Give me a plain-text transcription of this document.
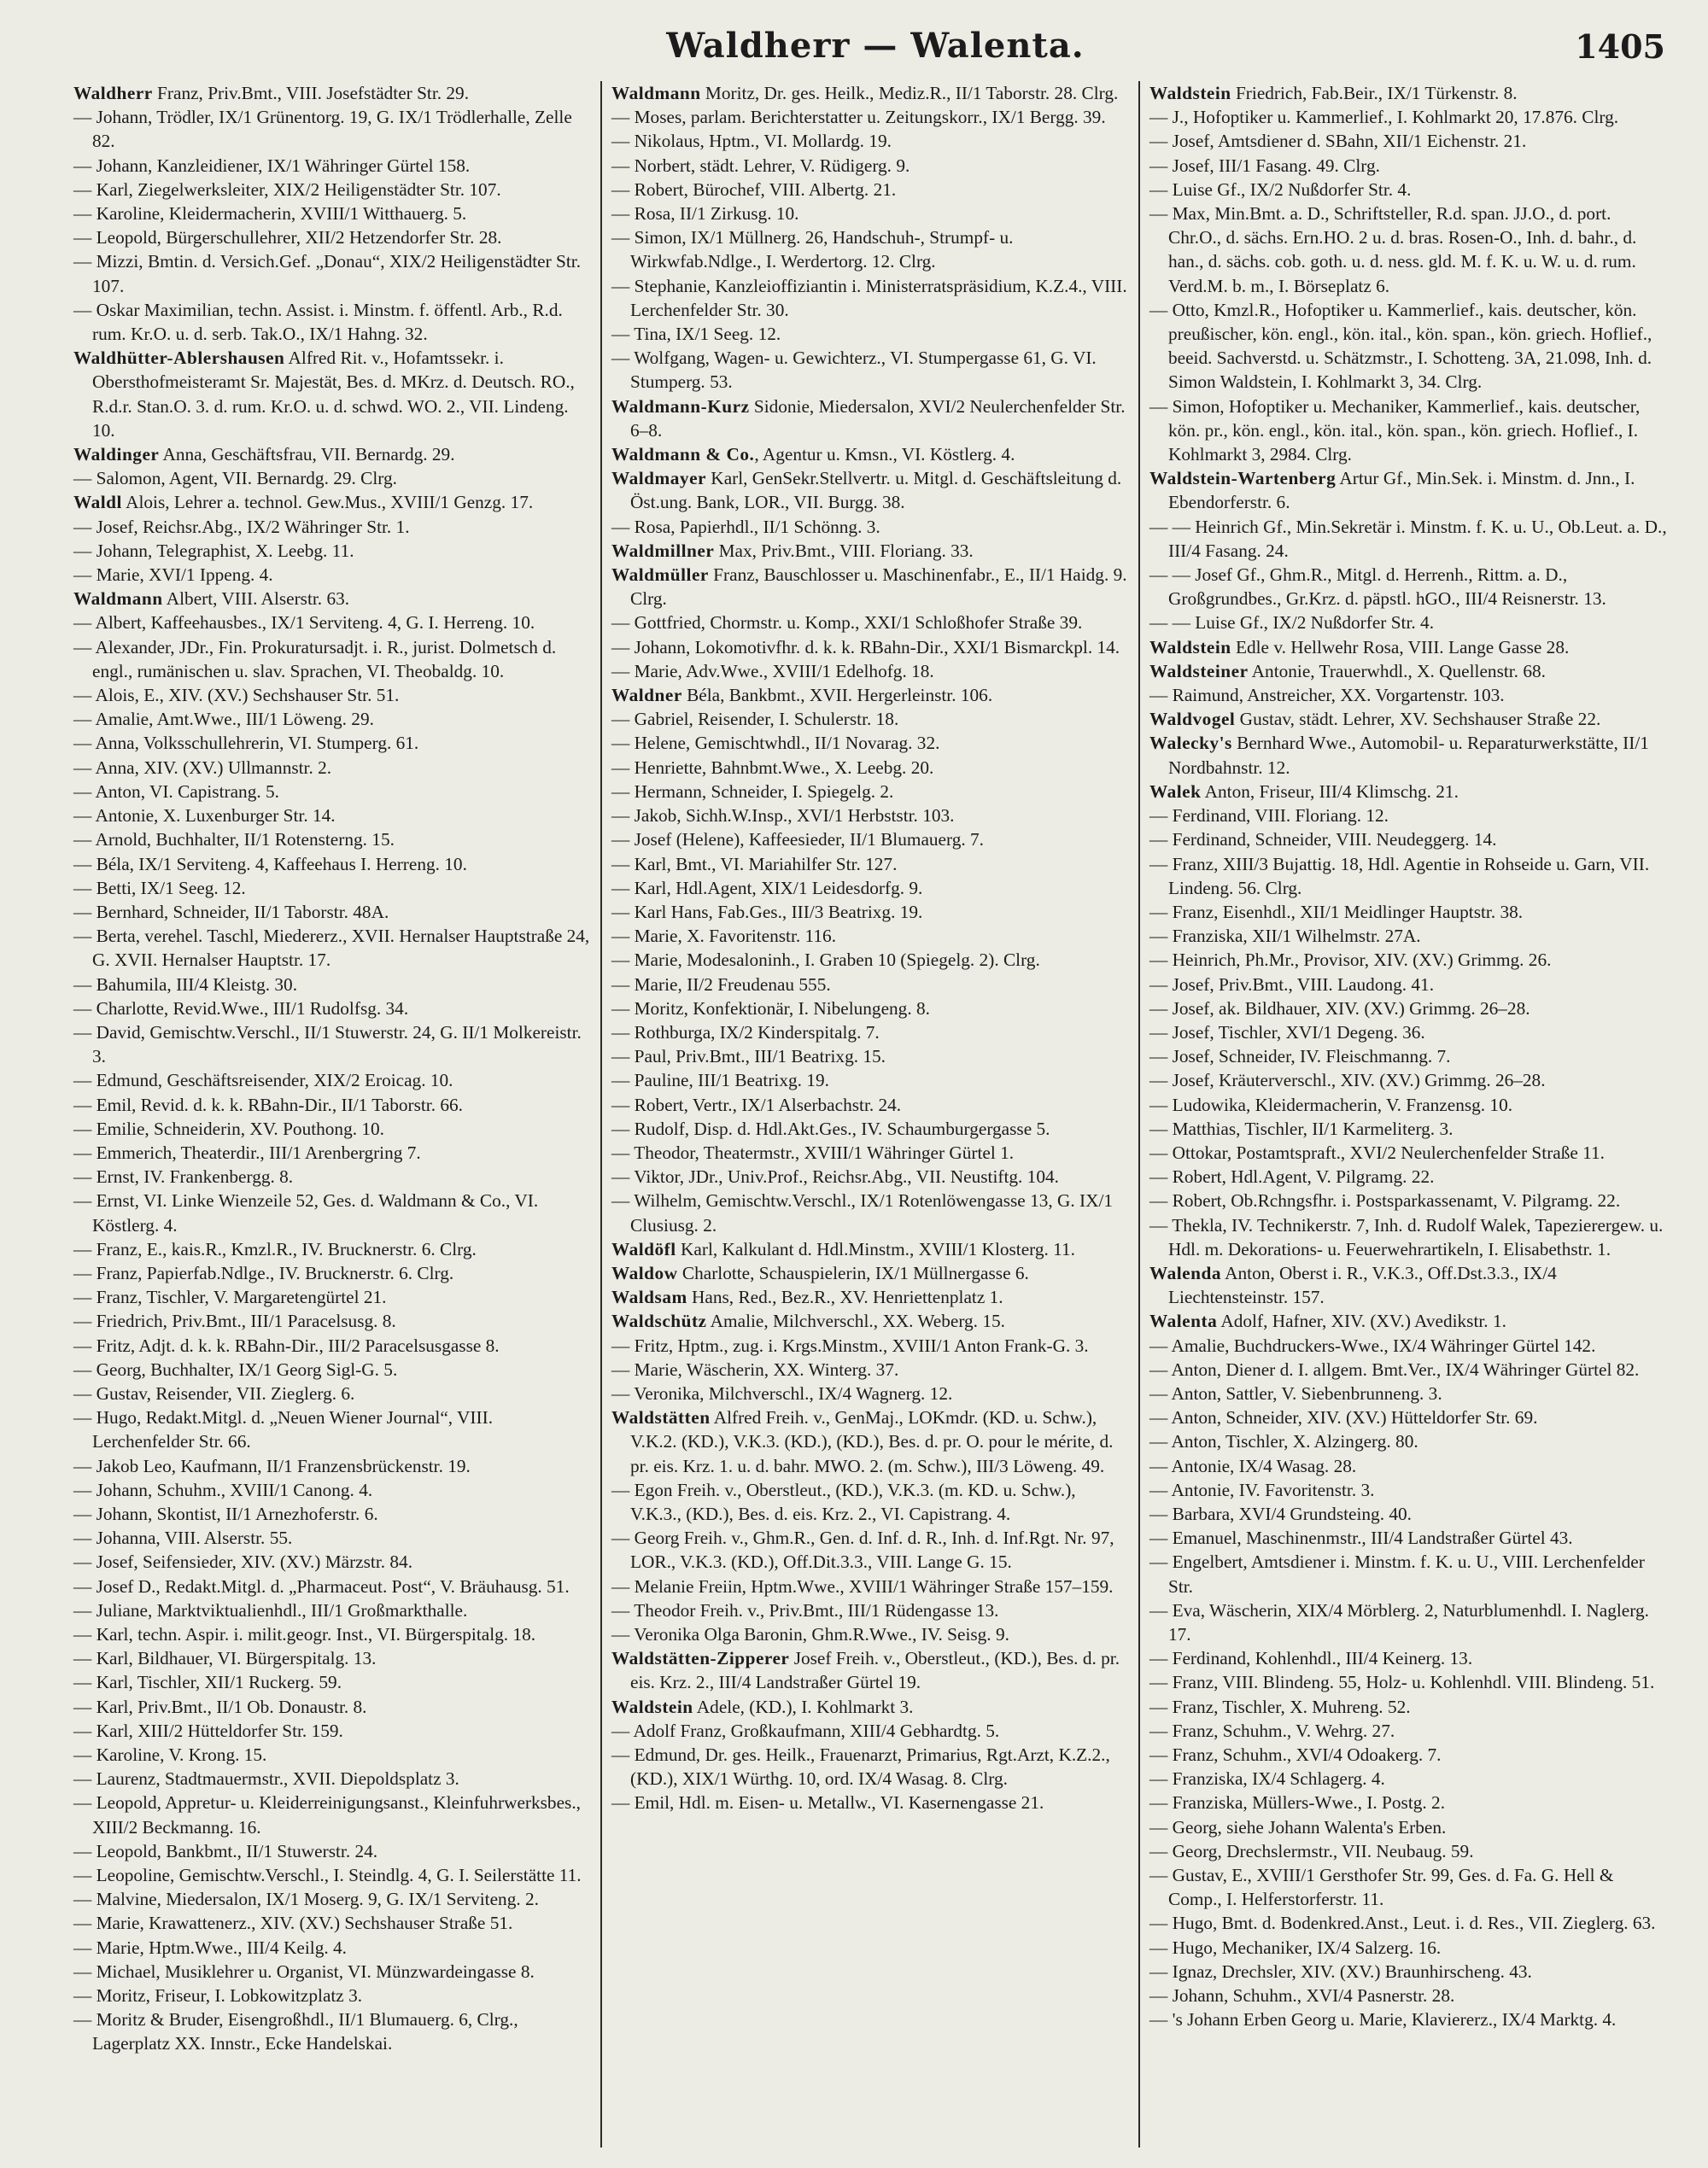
Waldherr — Walenta.	1405

Waldherr Franz, Priv.Bmt., VIII. Josefstädter Str. 29.

— Johann, Trödler, IX/1 Grünentorg. 19, G. IX/1 Trödlerhalle, Zelle 82.

— Johann, Kanzleidiener, IX/1 Währinger Gürtel 158.

— Karl, Ziegelwerksleiter, XIX/2 Heiligenstädter Str. 107.

— Karoline, Kleidermacherin, XVIII/1 Witthauerg. 5.

— Leopold, Bürgerschullehrer, XII/2 Hetzendorfer Str. 28.

— Mizzi, Bmtin. d. Versich.Gef. „Donau“, XIX/2 Heiligenstädter Str. 107.

— Oskar Maximilian, techn. Assist. i. Minstm. f. öffentl. Arb., R.d. rum. Kr.O. u. d. serb. Tak.O., IX/1 Hahng. 32.

Waldhütter-Ablershausen Alfred Rit. v., Hofamtssekr. i. Obersthofmeisteramt Sr. Majestät, Bes. d. MKrz. d. Deutsch. RO., R.d.r. Stan.O. 3. d. rum. Kr.O. u. d. schwd. WO. 2., VII. Lindeng. 10.

Waldinger Anna, Geschäftsfrau, VII. Bernardg. 29.

— Salomon, Agent, VII. Bernardg. 29. Clrg.

Waldl Alois, Lehrer a. technol. Gew.Mus., XVIII/1 Genzg. 17.

— Josef, Reichsr.Abg., IX/2 Währinger Str. 1.

— Johann, Telegraphist, X. Leebg. 11.

— Marie, XVI/1 Ippeng. 4.

Waldmann Albert, VIII. Alserstr. 63.

— Albert, Kaffeehausbes., IX/1 Serviteng. 4, G. I. Herreng. 10.

— Alexander, JDr., Fin. Prokuratursadjt. i. R., jurist. Dolmetsch d. engl., rumänischen u. slav. Sprachen, VI. Theobaldg. 10.

— Alois, E., XIV. (XV.) Sechshauser Str. 51.

— Amalie, Amt.Wwe., III/1 Löweng. 29.

— Anna, Volksschullehrerin, VI. Stumperg. 61.

— Anna, XIV. (XV.) Ullmannstr. 2.

— Anton, VI. Capistrang. 5.

— Antonie, X. Luxenburger Str. 14.

— Arnold, Buchhalter, II/1 Rotensterng. 15.

— Béla, IX/1 Serviteng. 4, Kaffeehaus I. Herreng. 10.

— Betti, IX/1 Seeg. 12.

— Bernhard, Schneider, II/1 Taborstr. 48A.

— Berta, verehel. Taschl, Miedererz., XVII. Hernalser Hauptstraße 24, G. XVII. Hernalser Hauptstr. 17.

— Bahumila, III/4 Kleistg. 30.

— Charlotte, Revid.Wwe., III/1 Rudolfsg. 34.

— David, Gemischtw.Verschl., II/1 Stuwerstr. 24, G. II/1 Molkereistr. 3.

— Edmund, Geschäftsreisender, XIX/2 Eroicag. 10.

— Emil, Revid. d. k. k. RBahn-Dir., II/1 Taborstr. 66.

— Emilie, Schneiderin, XV. Pouthong. 10.

— Emmerich, Theaterdir., III/1 Arenbergring 7.

— Ernst, IV. Frankenbergg. 8.

— Ernst, VI. Linke Wienzeile 52, Ges. d. Waldmann & Co., VI. Köstlerg. 4.

— Franz, E., kais.R., Kmzl.R., IV. Brucknerstr. 6. Clrg.

— Franz, Papierfab.Ndlge., IV. Brucknerstr. 6. Clrg.

— Franz, Tischler, V. Margaretengürtel 21.

— Friedrich, Priv.Bmt., III/1 Paracelsusg. 8.

— Fritz, Adjt. d. k. k. RBahn-Dir., III/2 Paracelsusgasse 8.

— Georg, Buchhalter, IX/1 Georg Sigl-G. 5.

— Gustav, Reisender, VII. Zieglerg. 6.

— Hugo, Redakt.Mitgl. d. „Neuen Wiener Journal“, VIII. Lerchenfelder Str. 66.

— Jakob Leo, Kaufmann, II/1 Franzensbrückenstr. 19.

— Johann, Schuhm., XVIII/1 Canong. 4.

— Johann, Skontist, II/1 Arnezhoferstr. 6.

— Johanna, VIII. Alserstr. 55.

— Josef, Seifensieder, XIV. (XV.) Märzstr. 84.

— Josef D., Redakt.Mitgl. d. „Pharmaceut. Post“, V. Bräuhausg. 51.

— Juliane, Marktviktualienhdl., III/1 Großmarkthalle.

— Karl, techn. Aspir. i. milit.geogr. Inst., VI. Bürgerspitalg. 18.

— Karl, Bildhauer, VI. Bürgerspitalg. 13.

— Karl, Tischler, XII/1 Ruckerg. 59.

— Karl, Priv.Bmt., II/1 Ob. Donaustr. 8.

— Karl, XIII/2 Hütteldorfer Str. 159.

— Karoline, V. Krong. 15.

— Laurenz, Stadtmauermstr., XVII. Diepoldsplatz 3.

— Leopold, Appretur- u. Kleiderreinigungsanst., Kleinfuhrwerksbes., XIII/2 Beckmanng. 16.

— Leopold, Bankbmt., II/1 Stuwerstr. 24.

— Leopoline, Gemischtw.Verschl., I. Steindlg. 4, G. I. Seilerstätte 11.

— Malvine, Miedersalon, IX/1 Moserg. 9, G. IX/1 Serviteng. 2.

— Marie, Krawattenerz., XIV. (XV.) Sechshauser Straße 51.

— Marie, Hptm.Wwe., III/4 Keilg. 4.

— Michael, Musiklehrer u. Organist, VI. Münzwardeingasse 8.

— Moritz, Friseur, I. Lobkowitzplatz 3.

— Moritz & Bruder, Eisengroßhdl., II/1 Blumauerg. 6, Clrg., Lagerplatz XX. Innstr., Ecke Handelskai.

Waldmann Moritz, Dr. ges. Heilk., Mediz.R., II/1 Taborstr. 28. Clrg.

— Moses, parlam. Berichterstatter u. Zeitungskorr., IX/1 Bergg. 39.

— Nikolaus, Hptm., VI. Mollardg. 19.

— Norbert, städt. Lehrer, V. Rüdigerg. 9.

— Robert, Bürochef, VIII. Albertg. 21.

— Rosa, II/1 Zirkusg. 10.

— Simon, IX/1 Müllnerg. 26, Handschuh-, Strumpf- u. Wirkwfab.Ndlge., I. Werdertorg. 12. Clrg.

— Stephanie, Kanzleioffiziantin i. Ministerratspräsidium, K.Z.4., VIII. Lerchenfelder Str. 30.

— Tina, IX/1 Seeg. 12.

— Wolfgang, Wagen- u. Gewichterz., VI. Stumpergasse 61, G. VI. Stumperg. 53.

Waldmann-Kurz Sidonie, Miedersalon, XVI/2 Neulerchenfelder Str. 6–8.

Waldmann & Co., Agentur u. Kmsn., VI. Köstlerg. 4.

Waldmayer Karl, GenSekr.Stellvertr. u. Mitgl. d. Geschäftsleitung d. Öst.ung. Bank, LOR., VII. Burgg. 38.

— Rosa, Papierhdl., II/1 Schönng. 3.

Waldmillner Max, Priv.Bmt., VIII. Floriang. 33.

Waldmüller Franz, Bauschlosser u. Maschinenfabr., E., II/1 Haidg. 9. Clrg.

— Gottfried, Chormstr. u. Komp., XXI/1 Schloßhofer Straße 39.

— Johann, Lokomotivfhr. d. k. k. RBahn-Dir., XXI/1 Bismarckpl. 14.

— Marie, Adv.Wwe., XVIII/1 Edelhofg. 18.

Waldner Béla, Bankbmt., XVII. Hergerleinstr. 106.

— Gabriel, Reisender, I. Schulerstr. 18.

— Helene, Gemischtwhdl., II/1 Novarag. 32.

— Henriette, Bahnbmt.Wwe., X. Leebg. 20.

— Hermann, Schneider, I. Spiegelg. 2.

— Jakob, Sichh.W.Insp., XVI/1 Herbststr. 103.

— Josef (Helene), Kaffeesieder, II/1 Blumauerg. 7.

— Karl, Bmt., VI. Mariahilfer Str. 127.

— Karl, Hdl.Agent, XIX/1 Leidesdorfg. 9.

— Karl Hans, Fab.Ges., III/3 Beatrixg. 19.

— Marie, X. Favoritenstr. 116.

— Marie, Modesaloninh., I. Graben 10 (Spiegelg. 2). Clrg.

— Marie, II/2 Freudenau 555.

— Moritz, Konfektionär, I. Nibelungeng. 8.

— Rothburga, IX/2 Kinderspitalg. 7.

— Paul, Priv.Bmt., III/1 Beatrixg. 15.

— Pauline, III/1 Beatrixg. 19.

— Robert, Vertr., IX/1 Alserbachstr. 24.

— Rudolf, Disp. d. Hdl.Akt.Ges., IV. Schaumburgergasse 5.

— Theodor, Theatermstr., XVIII/1 Währinger Gürtel 1.

— Viktor, JDr., Univ.Prof., Reichsr.Abg., VII. Neustiftg. 104.

— Wilhelm, Gemischtw.Verschl., IX/1 Rotenlöwengasse 13, G. IX/1 Clusiusg. 2.

Waldöfl Karl, Kalkulant d. Hdl.Minstm., XVIII/1 Klosterg. 11.

Waldow Charlotte, Schauspielerin, IX/1 Müllnergasse 6.

Waldsam Hans, Red., Bez.R., XV. Henriettenplatz 1.

Waldschütz Amalie, Milchverschl., XX. Weberg. 15.

— Fritz, Hptm., zug. i. Krgs.Minstm., XVIII/1 Anton Frank-G. 3.

— Marie, Wäscherin, XX. Winterg. 37.

— Veronika, Milchverschl., IX/4 Wagnerg. 12.

Waldstätten Alfred Freih. v., GenMaj., LOKmdr. (KD. u. Schw.), V.K.2. (KD.), V.K.3. (KD.), (KD.), Bes. d. pr. O. pour le mérite, d. pr. eis. Krz. 1. u. d. bahr. MWO. 2. (m. Schw.), III/3 Löweng. 49.

— Egon Freih. v., Oberstleut., (KD.), V.K.3. (m. KD. u. Schw.), V.K.3., (KD.), Bes. d. eis. Krz. 2., VI. Capistrang. 4.

— Georg Freih. v., Ghm.R., Gen. d. Inf. d. R., Inh. d. Inf.Rgt. Nr. 97, LOR., V.K.3. (KD.), Off.Dit.3.3., VIII. Lange G. 15.

— Melanie Freiin, Hptm.Wwe., XVIII/1 Währinger Straße 157–159.

— Theodor Freih. v., Priv.Bmt., III/1 Rüdengasse 13.

— Veronika Olga Baronin, Ghm.R.Wwe., IV. Seisg. 9.

Waldstätten-Zipperer Josef Freih. v., Oberstleut., (KD.), Bes. d. pr. eis. Krz. 2., III/4 Landstraßer Gürtel 19.

Waldstein Adele, (KD.), I. Kohlmarkt 3.

— Adolf Franz, Großkaufmann, XIII/4 Gebhardtg. 5.

— Edmund, Dr. ges. Heilk., Frauenarzt, Primarius, Rgt.Arzt, K.Z.2., (KD.), XIX/1 Würthg. 10, ord. IX/4 Wasag. 8. Clrg.

— Emil, Hdl. m. Eisen- u. Metallw., VI. Kasernengasse 21.

Waldstein Friedrich, Fab.Beir., IX/1 Türkenstr. 8.

— J., Hofoptiker u. Kammerlief., I. Kohlmarkt 20, 17.876. Clrg.

— Josef, Amtsdiener d. SBahn, XII/1 Eichenstr. 21.

— Josef, III/1 Fasang. 49. Clrg.

— Luise Gf., IX/2 Nußdorfer Str. 4.

— Max, Min.Bmt. a. D., Schriftsteller, R.d. span. JJ.O., d. port. Chr.O., d. sächs. Ern.HO. 2 u. d. bras. Rosen-O., Inh. d. bahr., d. han., d. sächs. cob. goth. u. d. ness. gld. M. f. K. u. W. u. d. rum. Verd.M. b. m., I. Börseplatz 6.

— Otto, Kmzl.R., Hofoptiker u. Kammerlief., kais. deutscher, kön. preußischer, kön. engl., kön. ital., kön. span., kön. griech. Hoflief., beeid. Sachverstd. u. Schätzmstr., I. Schotteng. 3A, 21.098, Inh. d. Simon Waldstein, I. Kohlmarkt 3, 34. Clrg.

— Simon, Hofoptiker u. Mechaniker, Kammerlief., kais. deutscher, kön. pr., kön. engl., kön. ital., kön. span., kön. griech. Hoflief., I. Kohlmarkt 3, 2984. Clrg.

Waldstein-Wartenberg Artur Gf., Min.Sek. i. Minstm. d. Jnn., I. Ebendorferstr. 6.

— — Heinrich Gf., Min.Sekretär i. Minstm. f. K. u. U., Ob.Leut. a. D., III/4 Fasang. 24.

— — Josef Gf., Ghm.R., Mitgl. d. Herrenh., Rittm. a. D., Großgrundbes., Gr.Krz. d. päpstl. hGO., III/4 Reisnerstr. 13.

— — Luise Gf., IX/2 Nußdorfer Str. 4.

Waldstein Edle v. Hellwehr Rosa, VIII. Lange Gasse 28.

Waldsteiner Antonie, Trauerwhdl., X. Quellenstr. 68.

— Raimund, Anstreicher, XX. Vorgartenstr. 103.

Waldvogel Gustav, städt. Lehrer, XV. Sechshauser Straße 22.

Walecky's Bernhard Wwe., Automobil- u. Reparaturwerkstätte, II/1 Nordbahnstr. 12.

Walek Anton, Friseur, III/4 Klimschg. 21.

— Ferdinand, VIII. Floriang. 12.

— Ferdinand, Schneider, VIII. Neudeggerg. 14.

— Franz, XIII/3 Bujattig. 18, Hdl. Agentie in Rohseide u. Garn, VII. Lindeng. 56. Clrg.

— Franz, Eisenhdl., XII/1 Meidlinger Hauptstr. 38.

— Franziska, XII/1 Wilhelmstr. 27A.

— Heinrich, Ph.Mr., Provisor, XIV. (XV.) Grimmg. 26.

— Josef, Priv.Bmt., VIII. Laudong. 41.

— Josef, ak. Bildhauer, XIV. (XV.) Grimmg. 26–28.

— Josef, Tischler, XVI/1 Degeng. 36.

— Josef, Schneider, IV. Fleischmanng. 7.

— Josef, Kräuterverschl., XIV. (XV.) Grimmg. 26–28.

— Ludowika, Kleidermacherin, V. Franzensg. 10.

— Matthias, Tischler, II/1 Karmeliterg. 3.

— Ottokar, Postamtspraft., XVI/2 Neulerchenfelder Straße 11.

— Robert, Hdl.Agent, V. Pilgramg. 22.

— Robert, Ob.Rchngsfhr. i. Postsparkassenamt, V. Pilgramg. 22.

— Thekla, IV. Technikerstr. 7, Inh. d. Rudolf Walek, Tapezierergew. u. Hdl. m. Dekorations- u. Feuerwehrartikeln, I. Elisabethstr. 1.

Walenda Anton, Oberst i. R., V.K.3., Off.Dst.3.3., IX/4 Liechtensteinstr. 157.

Walenta Adolf, Hafner, XIV. (XV.) Avedikstr. 1.

— Amalie, Buchdruckers-Wwe., IX/4 Währinger Gürtel 142.

— Anton, Diener d. I. allgem. Bmt.Ver., IX/4 Währinger Gürtel 82.

— Anton, Sattler, V. Siebenbrunneng. 3.

— Anton, Schneider, XIV. (XV.) Hütteldorfer Str. 69.

— Anton, Tischler, X. Alzingerg. 80.

— Antonie, IX/4 Wasag. 28.

— Antonie, IV. Favoritenstr. 3.

— Barbara, XVI/4 Grundsteing. 40.

— Emanuel, Maschinenmstr., III/4 Landstraßer Gürtel 43.

— Engelbert, Amtsdiener i. Minstm. f. K. u. U., VIII. Lerchenfelder Str.

— Eva, Wäscherin, XIX/4 Mörblerg. 2, Naturblumenhdl. I. Naglerg. 17.

— Ferdinand, Kohlenhdl., III/4 Keinerg. 13.

— Franz, VIII. Blindeng. 55, Holz- u. Kohlenhdl. VIII. Blindeng. 51.

— Franz, Tischler, X. Muhreng. 52.

— Franz, Schuhm., V. Wehrg. 27.

— Franz, Schuhm., XVI/4 Odoakerg. 7.

— Franziska, IX/4 Schlagerg. 4.

— Franziska, Müllers-Wwe., I. Postg. 2.

— Georg, siehe Johann Walenta's Erben.

— Georg, Drechslermstr., VII. Neubaug. 59.

— Gustav, E., XVIII/1 Gersthofer Str. 99, Ges. d. Fa. G. Hell & Comp., I. Helferstorferstr. 11.

— Hugo, Bmt. d. Bodenkred.Anst., Leut. i. d. Res., VII. Zieglerg. 63.

— Hugo, Mechaniker, IX/4 Salzerg. 16.

— Ignaz, Drechsler, XIV. (XV.) Braunhirscheng. 43.

— Johann, Schuhm., XVI/4 Pasnerstr. 28.

— 's Johann Erben Georg u. Marie, Klaviererz., IX/4 Marktg. 4.
